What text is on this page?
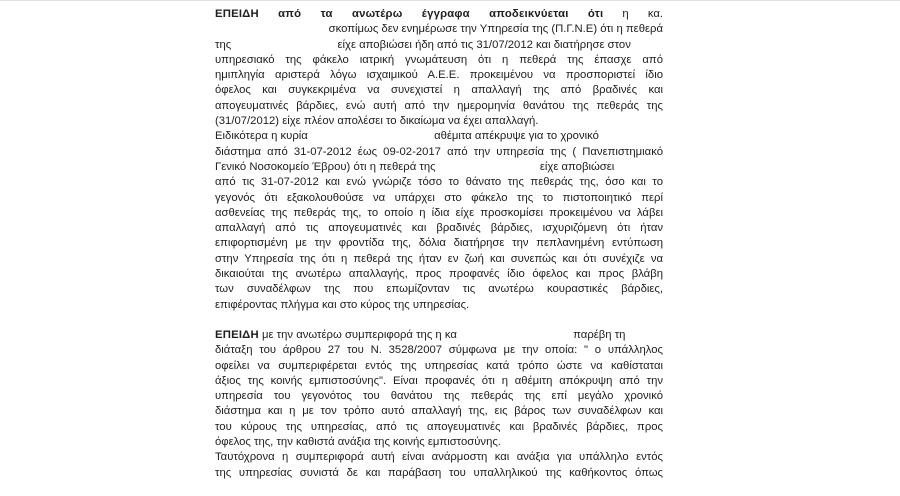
ΕΠΕΙΔΗ από τα ανωτέρω έγγραφα αποδεικνύεται ότι η κα.
σκοπίμως δεν ενημέρωσε την Υπηρεσία της (Π.Γ.Ν.Ε) ότι η πεθερά
της	είχε αποβιώσει ήδη από τις 31/07/2012 και διατήρησε στον
υπηρεσιακό της φάκελο ιατρική γνωμάτευση ότι η πεθερά της έπασχε από
ημιπληγία αριστερά λόγω ισχαιμικού Α.Ε.Ε. προκειμένου να προσποριστεί ίδιο
όφελος και συγκεκριμένα να συνεχιστεί η απαλλαγή της από βραδινές και
απογευματινές βάρδιες, ενώ αυτή από την ημερομηνία θανάτου της πεθεράς της
(31/07/2012) είχε πλέον απολέσει το δικαίωμα να έχει απαλλαγή.
Ειδικότερα η κυρία	αθέμιτα απέκρυψε για το χρονικό
διάστημα από 31-07-2012 έως 09-02-2017 από την υπηρεσία της ( Πανεπιστημιακό
Γενικό Νοσοκομείο Έβρου) ότι η πεθερά της	είχε αποβιώσει
από τις 31-07-2012 και ενώ γνώριζε τόσο το θάνατο της πεθεράς της, όσο και το
γεγονός ότι εξακολουθούσε να υπάρχει στο φάκελο της το πιστοποιητικό περί
ασθενείας της πεθεράς της, το οποίο η ίδια είχε προσκομίσει προκειμένου να λάβει
απαλλαγή από τις απογευματινές και βραδινές βάρδιες, ισχυριζόμενη ότι ήταν
επιφορτισμένη με την φροντίδα της, δόλια διατήρησε την πεπλανημένη εντύπωση
στην Υπηρεσία της ότι η πεθερά της ήταν εν ζωή και συνεπώς και ότι συνέχιζε να
δικαιούται της ανωτέρω απαλλαγής, προς προφανές ίδιο όφελος και προς βλάβη
των συναδέλφων της που επωμίζονταν τις ανωτέρω κουραστικές βάρδιες,
επιφέροντας πλήγμα και στο κύρος της υπηρεσίας.
ΕΠΕΙΔΗ με την ανωτέρω συμπεριφορά της η κα	παρέβη τη
διάταξη του άρθρου 27 του Ν. 3528/2007 σύμφωνα με την οποία: " ο υπάλληλος
οφείλει να συμπεριφέρεται εντός της υπηρεσίας κατά τρόπο ώστε να καθίσταται
άξιος της κοινής εμπιστοσύνης". Είναι προφανές ότι η αθέμιτη απόκρυψη από την
υπηρεσία του γεγονότος του θανάτου της πεθεράς της επί μεγάλο χρονικό
διάστημα και η με τον τρόπο αυτό απαλλαγή της, εις βάρος των συναδέλφων και
του κύρους της υπηρεσίας, από τις απογευματινές και βραδινές βάρδιες, προς
όφελος της, την καθιστά ανάξια της κοινής εμπιστοσύνης.
Ταυτόχρονα η συμπεριφορά αυτή είναι ανάρμοστη και ανάξια για υπάλληλο εντός
της υπηρεσίας συνιστά δε και παράβαση του υπαλληλικού της καθήκοντος όπως
